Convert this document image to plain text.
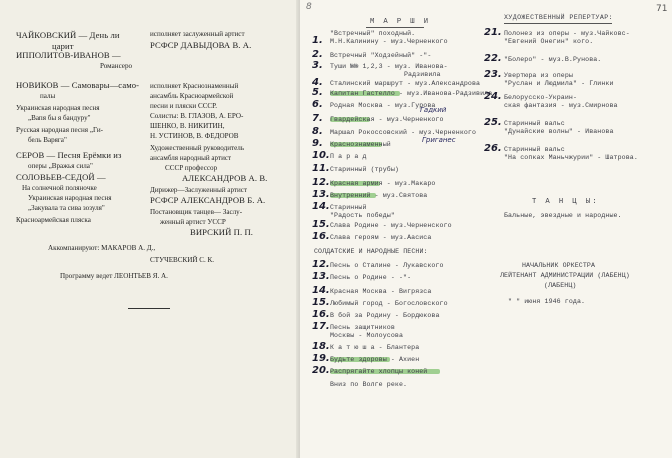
ЧАЙКОВСКИЙ — День ли
царит
ИППОЛИТОВ-ИВАНОВ —
Романсеро
НОВИКОВ — Самовары—само-
палы
Украинская народная песня
„Вапя бы я бандуру"
Русская народная песня „Ги-
бель Варяга"
СЕРОВ — Песня Ерёмки из
оперы „Вражья сила"
СОЛОВЬЕВ-СЕДОЙ —
На солнечной полянoчке
Украинская народная песня
„Закувала та сива зозуля"
Красноармейская пляска
исполняет заслуженный артист
РСФСР ДАВЫДОВА В. А.
исполняет Краснознаменный
ансамбль Красноармейской
песни и пляски СССР.
Солисты: В. ГЛАЗОВ, А. ЕРО-
ШЕНКО, В. НИКИТИН,
Н. УСТИНОВ, В. ФЕДОРОВ
Художественный руководитель
ансамбля народный артист
СССР профессор
АЛЕКСАНДРОВ А. В.
Дирижер—Заслуженный артист
РСФСР АЛЕКСАНДРОВ Б. А.
Постановщик танцев— Заслу-
женный артист УССР
ВИРСКИЙ П. П.
Аккомпанируют: МАКАРОВ А. Д.,
СТУЧЕВСКИЙ С. К.
Программу ведет ЛЕОНТЬЕВ Я. А.
71
8
М А Р Ш И
"Встречный" походный.
М.Н.Калинину - муз.Черненкого
1.
Встречный "Ходзейный" -"-
2.
Туши №№ 1,2,3 - муз. Иванова-
3.
Радзивила
Сталинский маршрут - муз.Александрова
4.
Капитан Гастелло - муз.Иванова-Радзивила
5.
Родная Москва - муз.Гурова
6.
Гвардейская - муз.Черненкого
7.
Маршал Рокоссовский - муз.Черненкого
8.
Краснознаменный
9.
П а р а д
10.
Старинный (трубы)
11.
Красная армия - муз.Макаро
12.
Внутренний - муз.Святова
13.
Старинный
14.
"Радость победы"
Слава Родине - муз.Черненского
15.
Слава героям - муз.Аасиса
16.
СОЛДАТСКИЕ И НАРОДНЫЕ ПЕСНИ:
Песнь о Сталине - Лукавского
12.
Песнь о Родине - -"-
13.
Красная Москва - Вигрязса
14.
Любимый город - Богословского
15.
В бой за Родину - Бордюкова
16.
Песнь защитников
17.
Москвы - Молоусова
К а т ю ш а - Блантера
18.
Будьте здоровы - Ахиен
19.
Распрягайте хлопцы коней
20.
Вниз по Волге реке.
Гадкий
Григанес
ХУДОЖЕСТВЕННЫЙ РЕПЕРТУАР:
Полонез из оперы - муз.Чайковс-
21.
"Евгений Онегин" кого.
"Болеро" - муз.В.Рунова.
22.
Увертюра из оперы
23.
"Руслан и Людмила" - Глинки
Белорусско-Украин-
24.
ская фантазия - муз.Смирнова
Старинный вальс
25.
"Дунайские волны" - Иванова
Старинный вальс
26.
"На сопках Маньчжурии" - Шатрова.
Т А Н Ц Ы:
Бальные, эвездные и народные.
НАЧАЛЬНИК ОРКЕСТРА
ЛЕЙТЕНАНТ АДМИНИСТРАЦИИ (ЛАБЕНЦ)
(ЛАБЕНЦ)
" " июня 1946 года.
